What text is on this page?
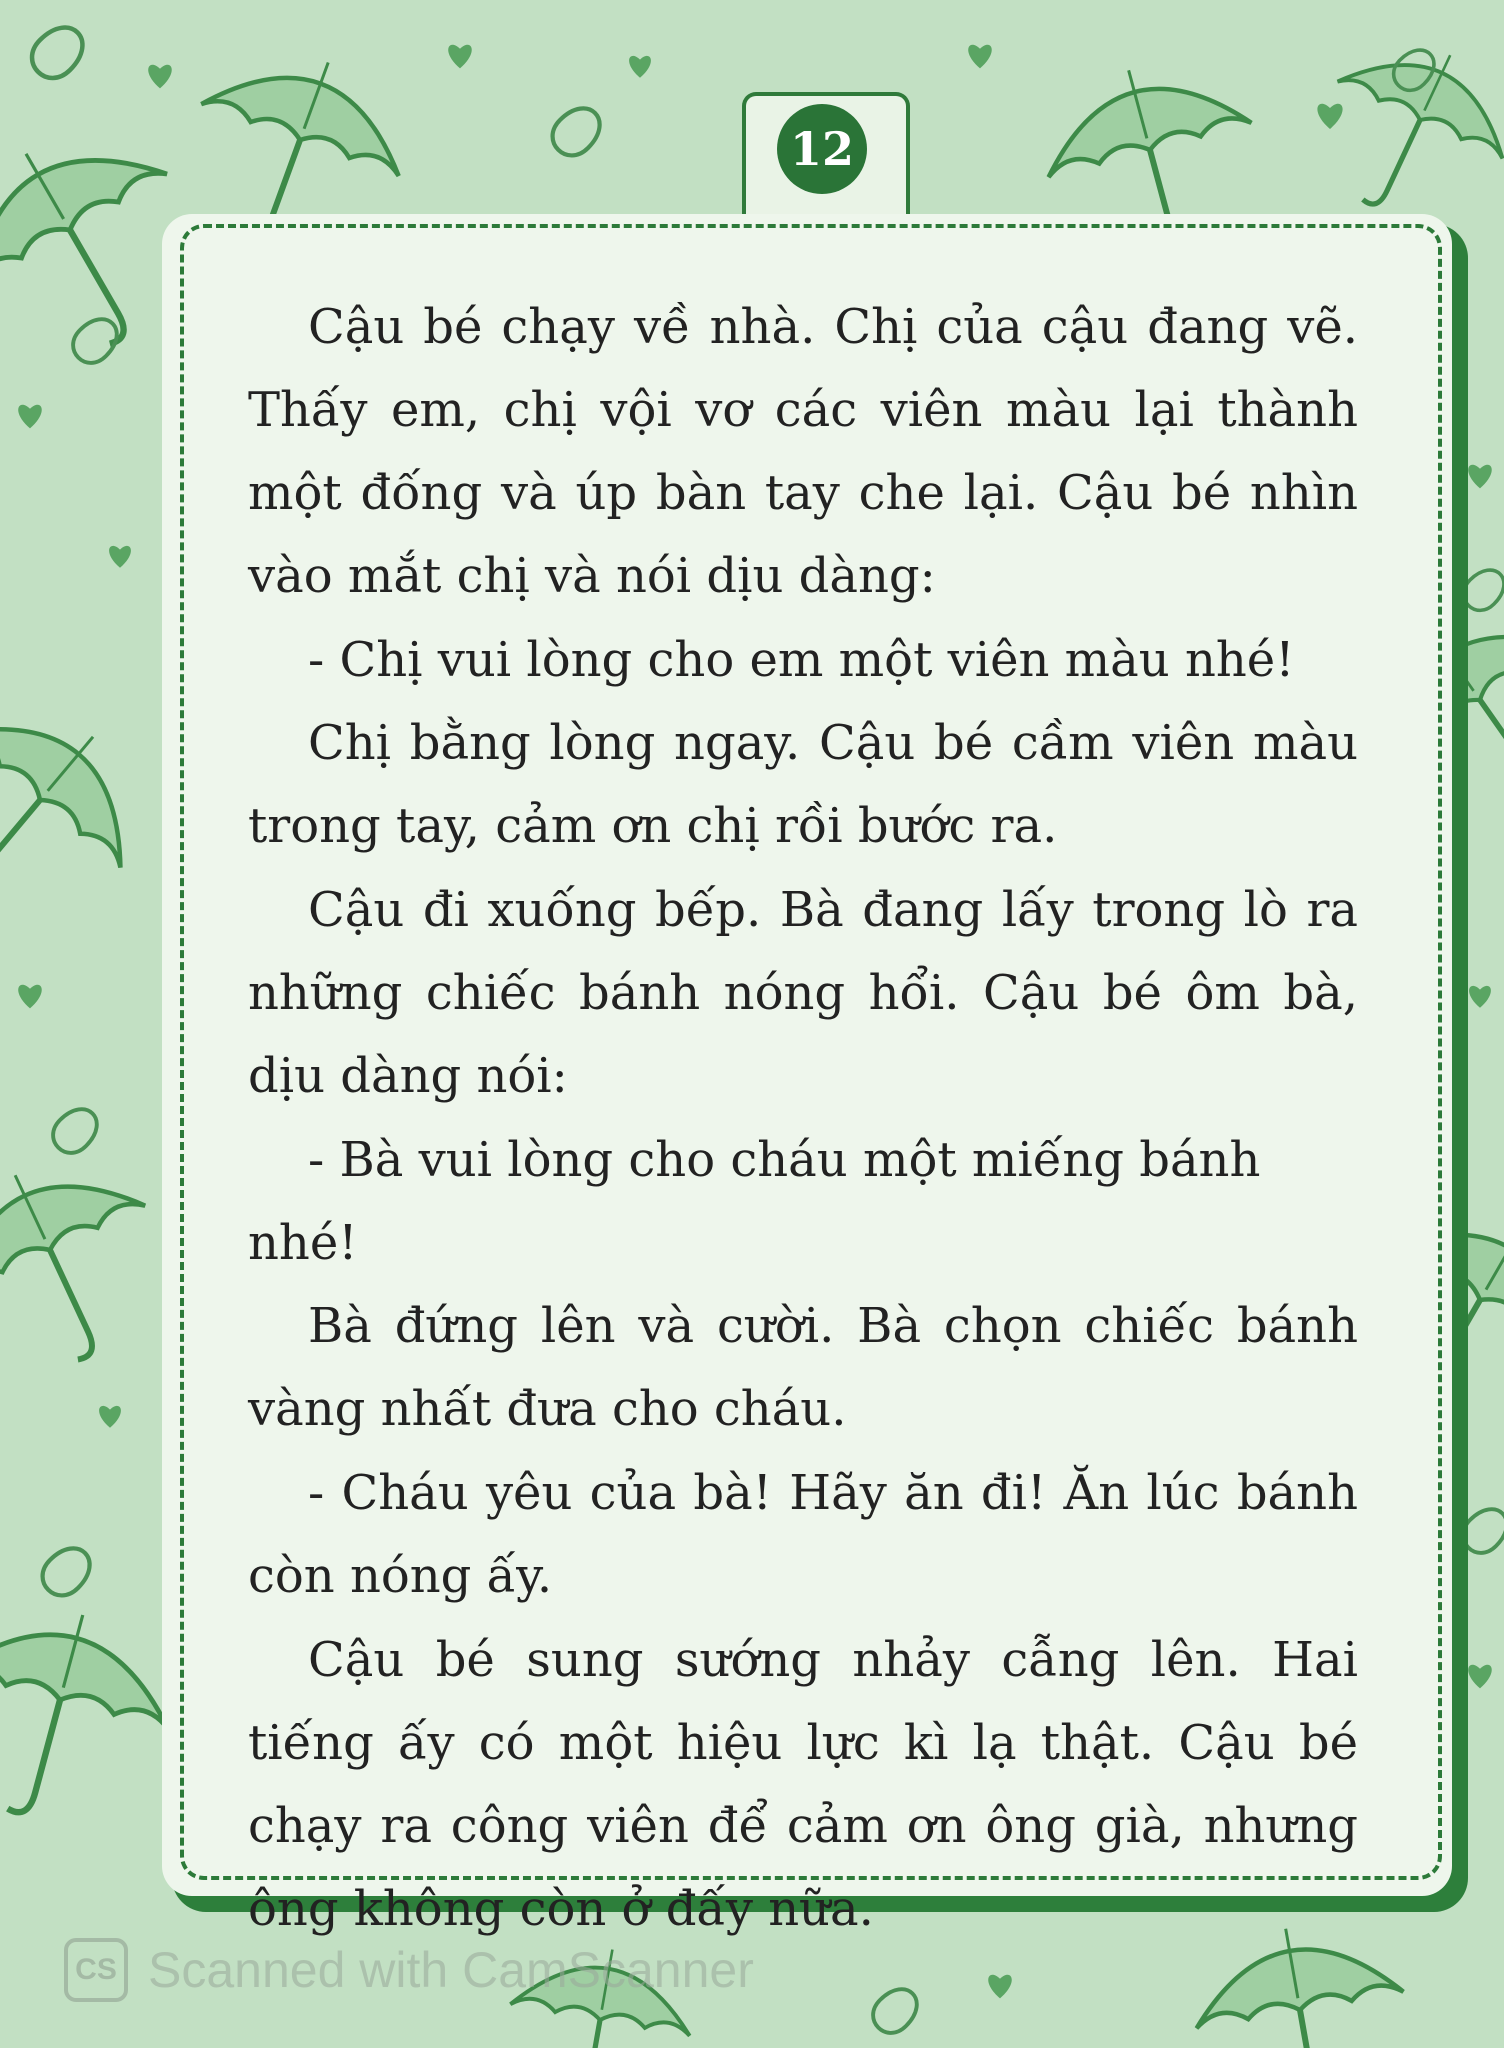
12

Cậu bé chạy về nhà. Chị của cậu đang vẽ. Thấy em, chị vội vơ các viên màu lại thành một đống và úp bàn tay che lại. Cậu bé nhìn vào mắt chị và nói dịu dàng:

- Chị vui lòng cho em một viên màu nhé!

Chị bằng lòng ngay. Cậu bé cầm viên màu trong tay, cảm ơn chị rồi bước ra.

Cậu đi xuống bếp. Bà đang lấy trong lò ra những chiếc bánh nóng hổi. Cậu bé ôm bà, dịu dàng nói:

- Bà vui lòng cho cháu một miếng bánh nhé!

Bà đứng lên và cười. Bà chọn chiếc bánh vàng nhất đưa cho cháu.

- Cháu yêu của bà! Hãy ăn đi! Ăn lúc bánh còn nóng ấy.

Cậu bé sung sướng nhảy cẫng lên. Hai tiếng ấy có một hiệu lực kì lạ thật. Cậu bé chạy ra công viên để cảm ơn ông già, nhưng ông không còn ở đấy nữa.

CS Scanned with CamScanner
